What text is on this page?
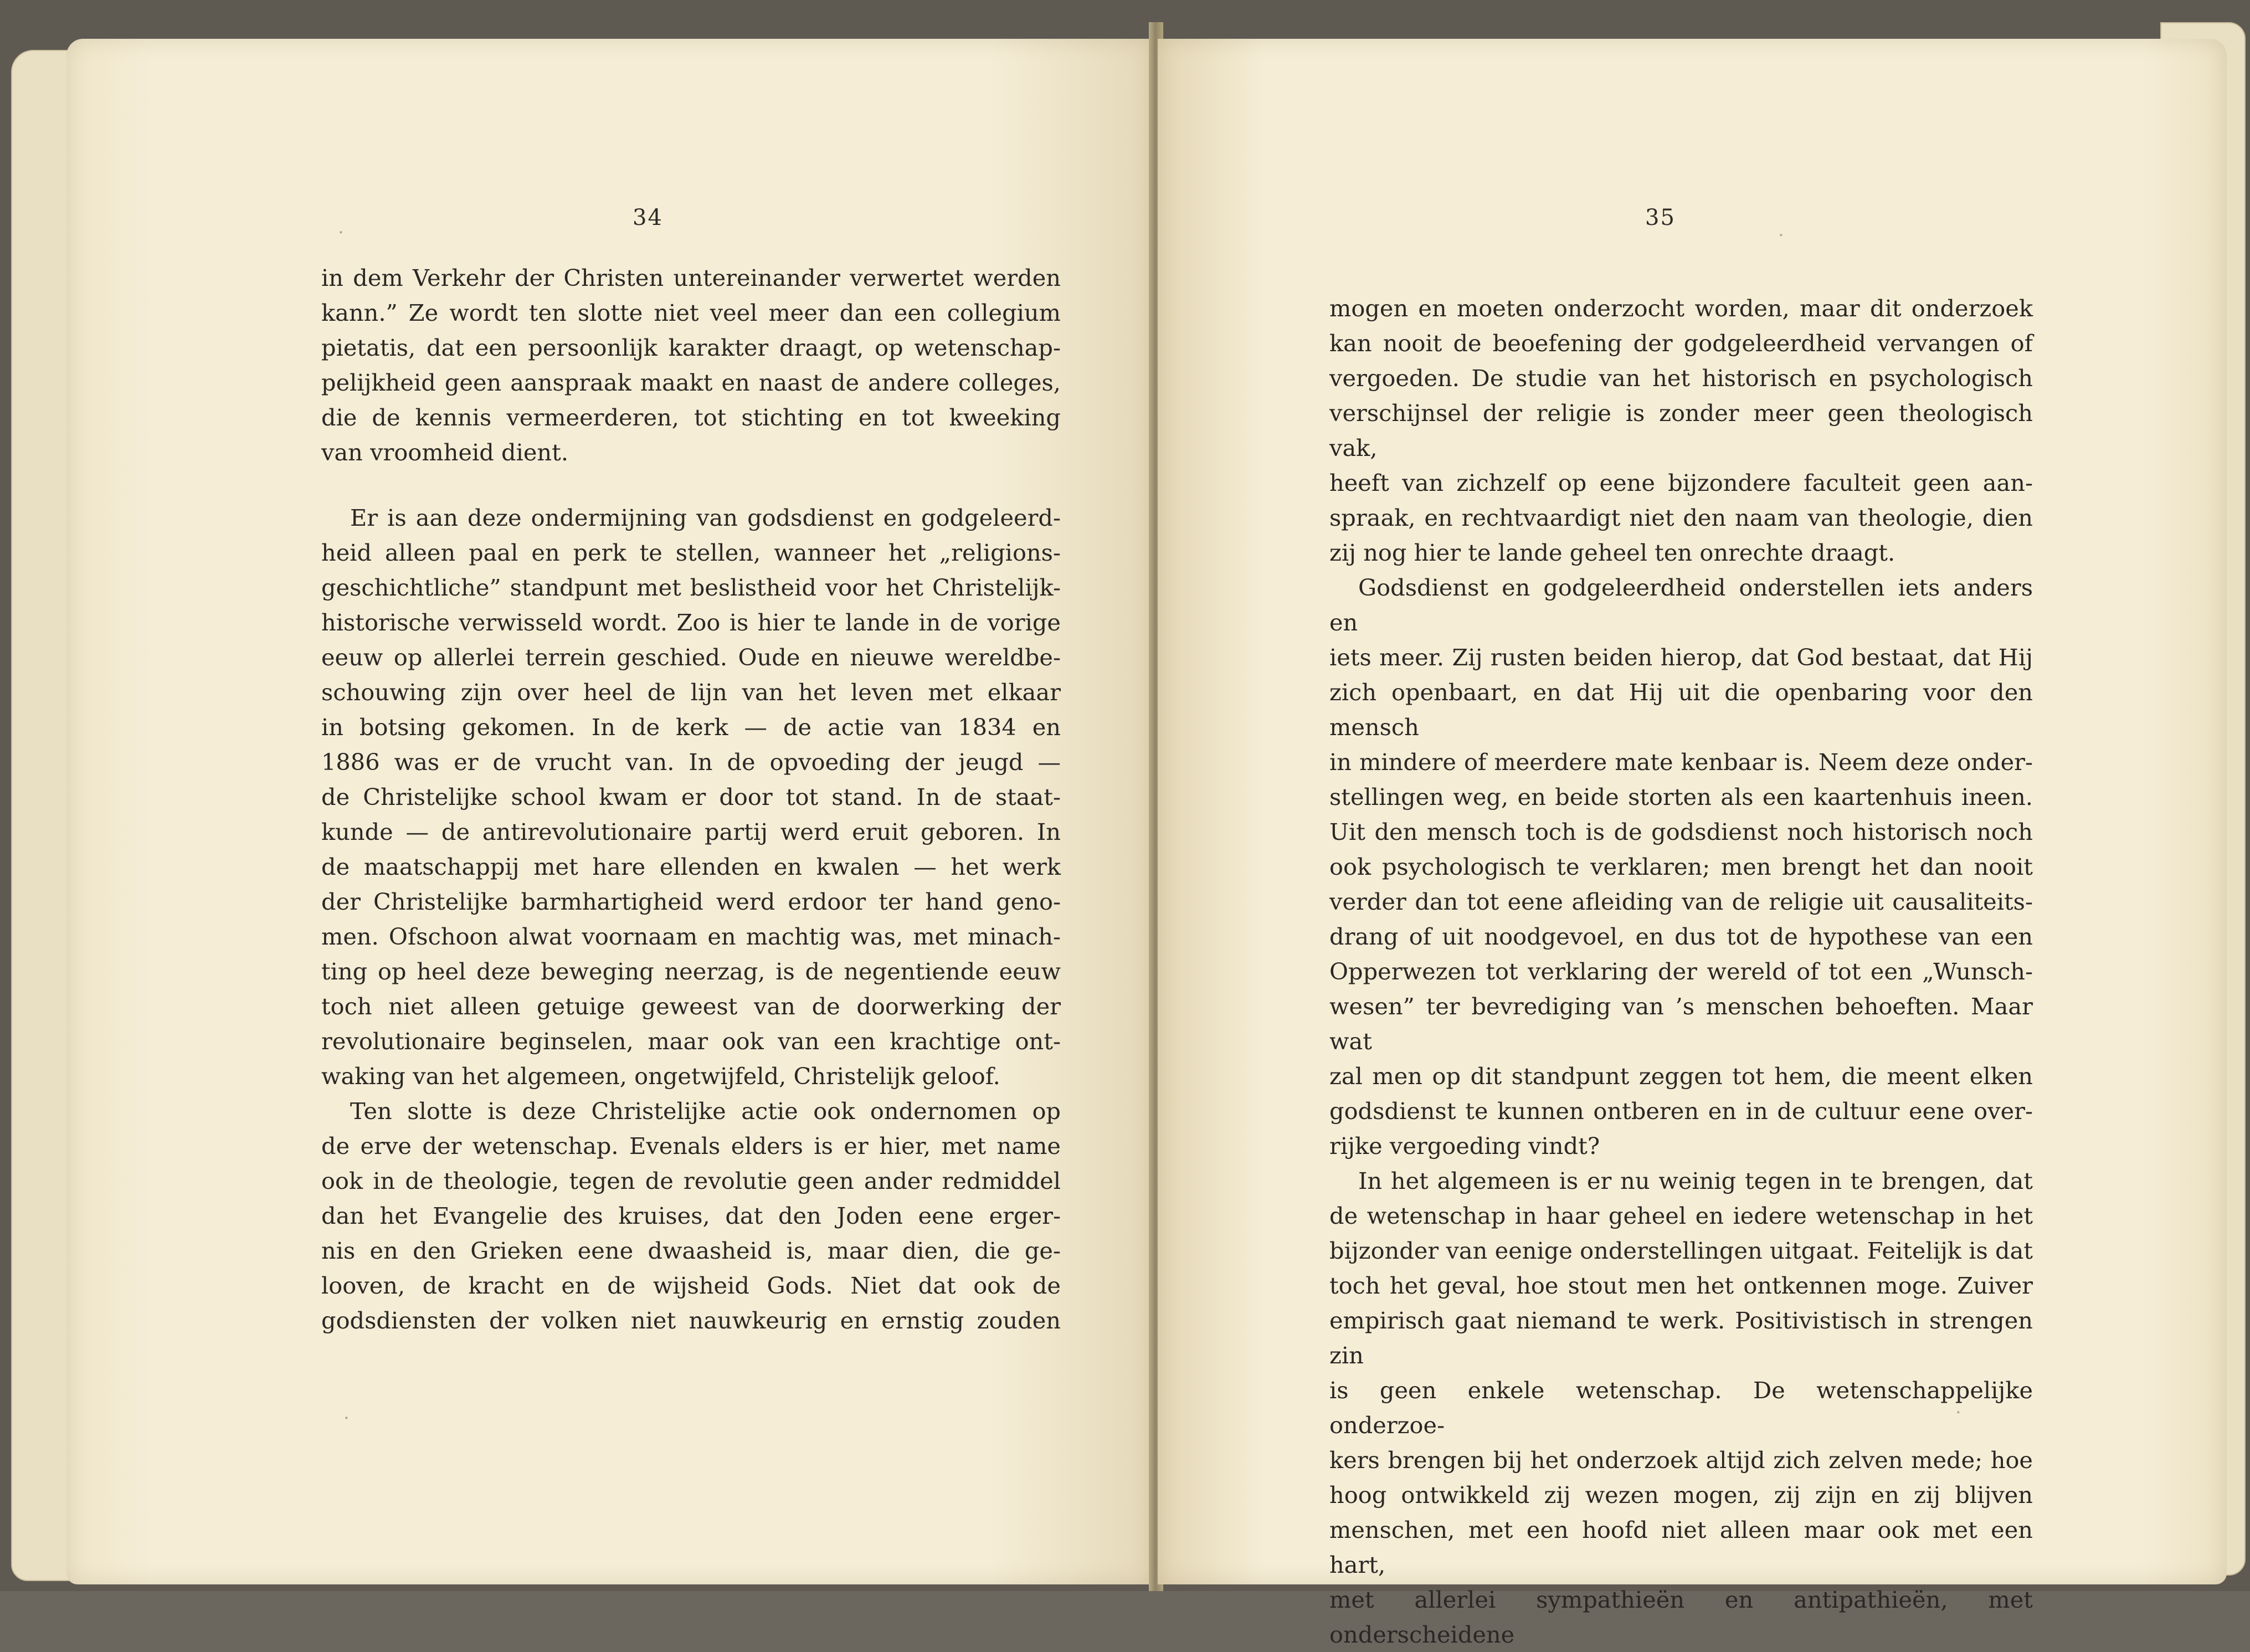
34
·
·

in dem Verkehr der Christen untereinander verwertet werden

kann.” Ze wordt ten slotte niet veel meer dan een collegium

pietatis, dat een persoonlijk karakter draagt, op wetenschap-

pelijkheid geen aanspraak maakt en naast de andere colleges,

die de kennis vermeerderen, tot stichting en tot kweeking

van vroomheid dient.

Er is aan deze ondermijning van godsdienst en godgeleerd-

heid alleen paal en perk te stellen, wanneer het „religions-

geschichtliche” standpunt met beslistheid voor het Christelijk-

historische verwisseld wordt. Zoo is hier te lande in de vorige

eeuw op allerlei terrein geschied. Oude en nieuwe wereldbe-

schouwing zijn over heel de lijn van het leven met elkaar

in botsing gekomen. In de kerk — de actie van 1834 en

1886 was er de vrucht van. In de opvoeding der jeugd —

de Christelijke school kwam er door tot stand. In de staat-

kunde — de antirevolutionaire partij werd eruit geboren. In

de maatschappij met hare ellenden en kwalen — het werk

der Christelijke barmhartigheid werd erdoor ter hand geno-

men. Ofschoon alwat voornaam en machtig was, met minach-

ting op heel deze beweging neerzag, is de negentiende eeuw

toch niet alleen getuige geweest van de doorwerking der

revolutionaire beginselen, maar ook van een krachtige ont-

waking van het algemeen, ongetwijfeld, Christelijk geloof.

Ten slotte is deze Christelijke actie ook ondernomen op

de erve der wetenschap. Evenals elders is er hier, met name

ook in de theologie, tegen de revolutie geen ander redmiddel

dan het Evangelie des kruises, dat den Joden eene erger-

nis en den Grieken eene dwaasheid is, maar dien, die ge-

looven, de kracht en de wijsheid Gods. Niet dat ook de

godsdiensten der volken niet nauwkeurig en ernstig zouden

35
·
·

mogen en moeten onderzocht worden, maar dit onderzoek

kan nooit de beoefening der godgeleerdheid vervangen of

vergoeden. De studie van het historisch en psychologisch

verschijnsel der religie is zonder meer geen theologisch vak,

heeft van zichzelf op eene bijzondere faculteit geen aan-

spraak, en rechtvaardigt niet den naam van theologie, dien

zij nog hier te lande geheel ten onrechte draagt.

Godsdienst en godgeleerdheid onderstellen iets anders en

iets meer. Zij rusten beiden hierop, dat God bestaat, dat Hij

zich openbaart, en dat Hij uit die openbaring voor den mensch

in mindere of meerdere mate kenbaar is. Neem deze onder-

stellingen weg, en beide storten als een kaartenhuis ineen.

Uit den mensch toch is de godsdienst noch historisch noch

ook psychologisch te verklaren; men brengt het dan nooit

verder dan tot eene afleiding van de religie uit causaliteits-

drang of uit noodgevoel, en dus tot de hypothese van een

Opperwezen tot verklaring der wereld of tot een „Wunsch-

wesen” ter bevrediging van ’s menschen behoeften. Maar wat

zal men op dit standpunt zeggen tot hem, die meent elken

godsdienst te kunnen ontberen en in de cultuur eene over-

rijke vergoeding vindt?

In het algemeen is er nu weinig tegen in te brengen, dat

de wetenschap in haar geheel en iedere wetenschap in het

bijzonder van eenige onderstellingen uitgaat. Feitelijk is dat

toch het geval, hoe stout men het ontkennen moge. Zuiver

empirisch gaat niemand te werk. Positivistisch in strengen zin

is geen enkele wetenschap. De wetenschappelijke onderzoe-

kers brengen bij het onderzoek altijd zich zelven mede; hoe

hoog ontwikkeld zij wezen mogen, zij zijn en zij blijven

menschen, met een hoofd niet alleen maar ook met een hart,

met allerlei sympathieën en antipathieën, met onderscheidene
